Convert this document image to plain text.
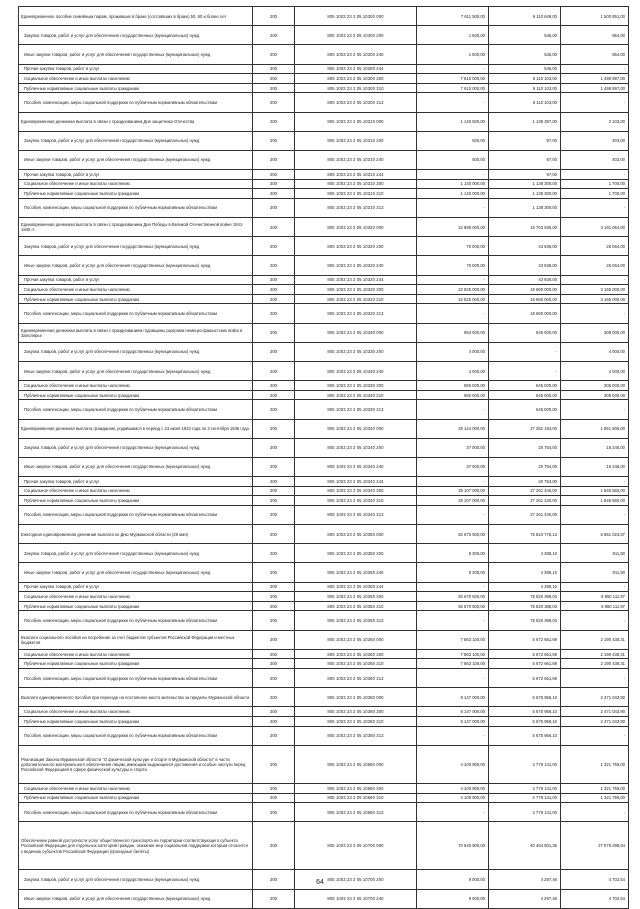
Единовременное пособие семейным парам, проживших в браке (состоявших в браке) 50, 60 и более лет	200	805 1003 23 2 05 10300 000	7 611 500,00	6 110 649,00	1 500 851,00
Закупка товаров, работ и услуг для обеспечения государственных (муниципальных) нужд	200	805 1003 23 2 05 10300 200	1 500,00	546,00	954,00
Иные закупки товаров, работ и услуг для обеспечения государственных (муниципальных) нужд	200	805 1003 23 2 05 10300 240	1 500,00	546,00	954,00
Прочая закупка товаров, работ и услуг	200	805 1003 23 2 05 10300 244	-	546,00	-
Социальное обеспечение и иные выплаты населению	200	805 1003 23 2 05 10300 300	7 610 000,00	6 110 103,00	1 499 897,00
Публичные нормативные социальные выплаты гражданам	200	805 1003 23 2 05 10300 310	7 610 000,00	6 110 103,00	1 499 897,00
Пособия, компенсации, меры социальной поддержки по публичным нормативным обязательствам	200	805 1003 23 2 05 10300 313	-	6 110 103,00	-
Единовременная денежная выплата в связи с празднованием Дня защитника Отечества	200	805 1003 23 2 05 10310 000	1 140 500,00	1 138 397,00	2 103,00
Закупка товаров, работ и услуг для обеспечения государственных (муниципальных) нужд	200	805 1003 23 2 05 10310 200	500,00	97,00	403,00
Иные закупки товаров, работ и услуг для обеспечения государственных (муниципальных) нужд	200	805 1003 23 2 05 10310 240	500,00	97,00	403,00
Прочая закупка товаров, работ и услуг	200	805 1003 23 2 05 10310 244	-	97,00	-
Социальное обеспечение и иные выплаты населению	200	805 1003 23 2 05 10310 300	1 140 000,00	1 138 300,00	1 700,00
Публичные нормативные социальные выплаты гражданам	200	805 1003 23 2 05 10310 310	1 140 000,00	1 138 300,00	1 700,00
Пособия, компенсации, меры социальной поддержки по публичным нормативным обязательствам	200	805 1003 23 2 05 10310 313	-	1 138 300,00	-
Единовременная денежная выплата в связи с празднованием Дня Победы в Великой Отечественной войне 1941-1945 гг.	200	805 1003 23 2 05 10320 000	22 895 000,00	19 703 936,00	3 191 064,00
Закупка товаров, работ и услуг для обеспечения государственных (муниципальных) нужд	200	805 1003 23 2 05 10320 200	70 000,00	43 936,00	26 064,00
Иные закупки товаров, работ и услуг для обеспечения государственных (муниципальных) нужд	200	805 1003 23 2 05 10320 240	70 000,00	43 936,00	26 064,00
Прочая закупка товаров, работ и услуг	200	805 1003 23 2 05 10320 244	-	43 936,00	-
Социальное обеспечение и иные выплаты населению	200	805 1003 23 2 05 10320 300	22 825 000,00	19 660 000,00	3 165 000,00
Публичные нормативные социальные выплаты гражданам	200	805 1003 23 2 05 10320 310	22 825 000,00	19 660 000,00	3 165 000,00
Пособия, компенсации, меры социальной поддержки по публичным нормативным обязательствам	200	805 1003 23 2 05 10320 313	-	19 660 000,00	-
Единовременная денежная выплата в связи с празднованием годовщины разгрома немецко-фашистских войск в Заполярье	200	805 1003 23 2 05 10330 000	954 000,00	645 000,00	309 000,00
Закупка товаров, работ и услуг для обеспечения государственных (муниципальных) нужд	200	805 1003 23 2 05 10330 200	4 000,00	-	4 000,00
Иные закупки товаров, работ и услуг для обеспечения государственных (муниципальных) нужд	200	805 1003 23 2 05 10330 240	4 000,00	-	4 000,00
Социальное обеспечение и иные выплаты населению	200	805 1003 23 2 05 10330 300	950 000,00	645 000,00	305 000,00
Публичные нормативные социальные выплаты гражданам	200	805 1003 23 2 05 10330 310	950 000,00	645 000,00	305 000,00
Пособия, компенсации, меры социальной поддержки по публичным нормативным обязательствам	200	805 1003 23 2 05 10330 313	-	645 000,00	-
Единовременная денежная выплата гражданам, родившимся в период с 23 июня 1923 года по 3 сентября 1945 года	200	805 1003 23 2 05 10340 000	29 144 000,00	27 282 194,00	1 861 806,00
Закупка товаров, работ и услуг для обеспечения государственных (муниципальных) нужд	200	805 1003 23 2 05 10340 200	37 000,00	20 754,00	16 246,00
Иные закупки товаров, работ и услуг для обеспечения государственных (муниципальных) нужд	200	805 1003 23 2 05 10340 240	37 000,00	20 754,00	16 246,00
Прочая закупка товаров, работ и услуг	200	805 1003 23 2 05 10340 244	-	20 754,00	-
Социальное обеспечение и иные выплаты населению	200	805 1003 23 2 05 10340 300	29 107 000,00	27 261 440,00	1 845 560,00
Публичные нормативные социальные выплаты гражданам	200	805 1003 23 2 05 10340 310	29 107 000,00	27 261 440,00	1 845 560,00
Пособия, компенсации, меры социальной поддержки по публичным нормативным обязательствам	200	805 1003 23 2 05 10340 313	-	27 261 440,00	-
Ежегодная единовременная денежная выплата ко Дню Мурманской области (28 мая)	200	805 1003 23 2 05 10350 000	82 675 500,00	75 824 776,13	6 851 023,87
Закупка товаров, работ и услуг для обеспечения государственных (муниципальных) нужд	200	805 1003 23 2 05 10350 200	5 300,00	4 388,10	911,90
Иные закупки товаров, работ и услуг для обеспечения государственных (муниципальных) нужд	200	805 1003 23 2 05 10350 240	5 300,00	4 388,10	911,90
Прочая закупка товаров, работ и услуг	200	805 1003 23 2 05 10350 244	-	4 388,10	-
Социальное обеспечение и иные выплаты населению	200	805 1003 23 2 05 10350 300	82 670 500,00	75 820 388,03	6 850 111,97
Публичные нормативные социальные выплаты гражданам	200	805 1003 23 2 05 10350 310	82 670 500,00	75 820 388,03	6 850 111,97
Пособия, компенсации, меры социальной поддержки по публичным нормативным обязательствам	200	805 1003 23 2 05 10350 313	-	75 820 388,03	-
Выплата социального пособия на погребение за счет бюджетов субъектов Российской Федерации и местных бюджетов	200	805 1003 23 2 05 10360 000	7 863 100,00	5 672 661,69	2 190 438,31
Социальное обеспечение и иные выплаты населению	200	805 1003 23 2 05 10360 300	7 863 100,00	5 672 661,69	2 190 438,31
Публичные нормативные социальные выплаты гражданам	200	805 1003 23 2 05 10360 310	7 863 100,00	5 672 661,69	2 190 438,31
Пособия, компенсации, меры социальной поддержки по публичным нормативным обязательствам	200	805 1003 23 2 05 10360 313	-	5 672 661,69	-
Выплата единовременного пособия при переезде на постоянное место жительства за пределы Мурманской области	200	805 1003 23 2 05 10380 000	8 147 000,00	5 675 956,10	2 471 043,90
Социальное обеспечение и иные выплаты населению	200	805 1003 23 2 05 10380 300	8 147 000,00	5 675 956,10	2 471 043,90
Публичные нормативные социальные выплаты гражданам	200	805 1003 23 2 05 10380 310	8 147 000,00	5 675 956,10	2 471 043,90
Пособия, компенсации, меры социальной поддержки по публичным нормативным обязательствам	200	805 1003 23 2 05 10380 313	-	5 675 956,10	-
Реализация Закона Мурманской области "О физической культуре и спорте в Мурманской области" в части дополнительного материального обеспечения лицам, имеющим выдающиеся достижения и особые заслуги перед Российской Федерацией в сфере физической культуры и спорта	200	805 1003 23 2 05 10690 000	4 100 900,00	2 779 141,00	1 321 759,00
Социальное обеспечение и иные выплаты населению	200	805 1003 23 2 05 10690 300	4 100 900,00	2 779 141,00	1 321 759,00
Публичные нормативные социальные выплаты гражданам	200	805 1003 23 2 05 10690 310	4 100 900,00	2 779 141,00	1 321 759,00
Пособия, компенсации, меры социальной поддержки по публичным нормативным обязательствам	200	805 1003 23 2 05 10690 313	-	2 779 141,00	-
Обеспечение равной доступности услуг общественного транспорта на территории соответствующего субъекта Российской Федерации для отдельных категорий граждан, оказание мер социальной поддержки которым относится к ведению субъектов Российской Федерации (проездные билеты)	200	805 1003 23 2 05 10700 000	70 540 900,00	40 464 601,36	27 076 298,64
Закупка товаров, работ и услуг для обеспечения государственных (муниципальных) нужд	200	805 1003 23 2 05 10700 200	9 000,00	4 297,46	4 702,54
Иные закупки товаров, работ и услуг для обеспечения государственных (муниципальных) нужд	200	805 1003 23 2 05 10700 240	9 000,00	4 297,46	4 702,54
64
